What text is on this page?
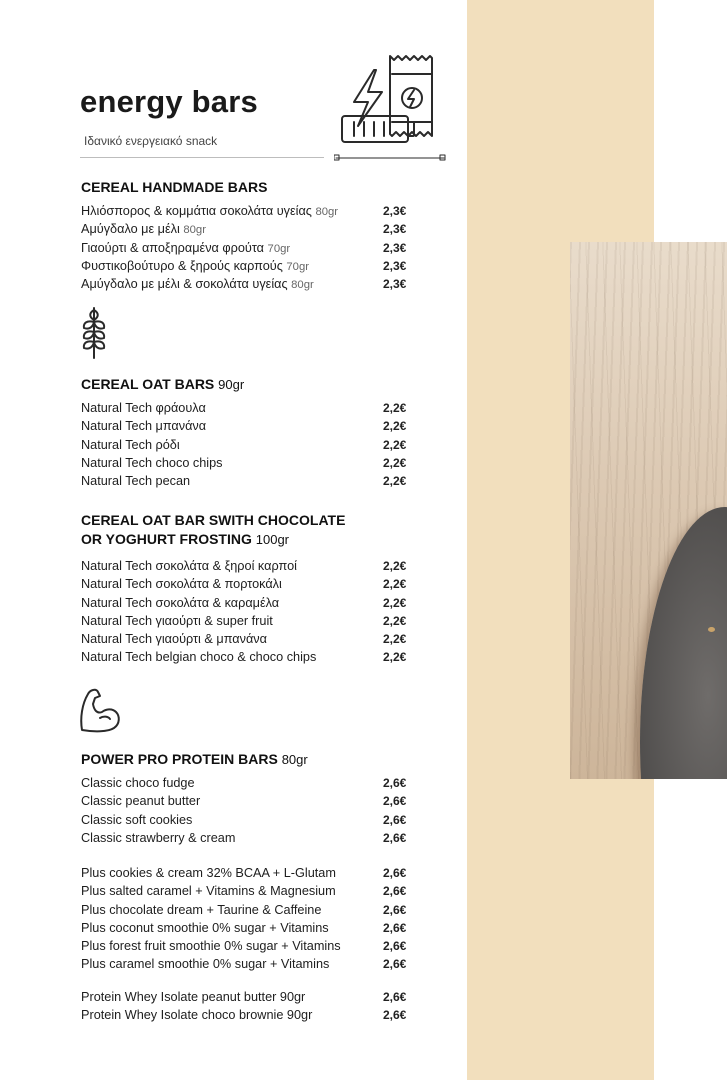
energy bars
Ιδανικό ενεργειακό snack
CEREAL HANDMADE BARS
Ηλιόσπορος & κομμάτια σοκολάτα υγείας 80gr	2,3€
Αμύγδαλο με μέλι 80gr	2,3€
Γιαούρτι & αποξηραμένα φρούτα 70gr	2,3€
Φυστικοβούτυρο & ξηρούς καρπούς 70gr	2,3€
Αμύγδαλο με μέλι & σοκολάτα υγείας 80gr	2,3€
CEREAL OAT BARS 90gr
Natural Tech φράουλα	2,2€
Natural Tech μπανάνα	2,2€
Natural Tech ρόδι	2,2€
Natural Tech choco chips	2,2€
Natural Tech pecan	2,2€
CEREAL OAT BAR SWITH CHOCOLATE
OR YOGHURT FROSTING 100gr
Natural Tech σοκολάτα & ξηροί καρποί	2,2€
Natural Tech σοκολάτα & πορτοκάλι	2,2€
Natural Tech σοκολάτα & καραμέλα	2,2€
Natural Tech γιαούρτι & super fruit	2,2€
Natural Tech γιαούρτι & μπανάνα	2,2€
Natural Tech belgian choco & choco chips	2,2€
POWER PRO PROTEIN BARS 80gr
Classic choco fudge	2,6€
Classic peanut butter	2,6€
Classic soft cookies	2,6€
Classic strawberry & cream	2,6€
Plus cookies & cream 32% BCAA + L-Glutam	2,6€
Plus salted caramel + Vitamins & Magnesium	2,6€
Plus chocolate dream + Taurine & Caffeine	2,6€
Plus coconut smoothie 0% sugar + Vitamins	2,6€
Plus forest fruit smoothie 0% sugar + Vitamins	2,6€
Plus caramel smoothie 0% sugar + Vitamins	2,6€
Protein Whey Isolate peanut butter 90gr	2,6€
Protein Whey Isolate choco brownie 90gr	2,6€
